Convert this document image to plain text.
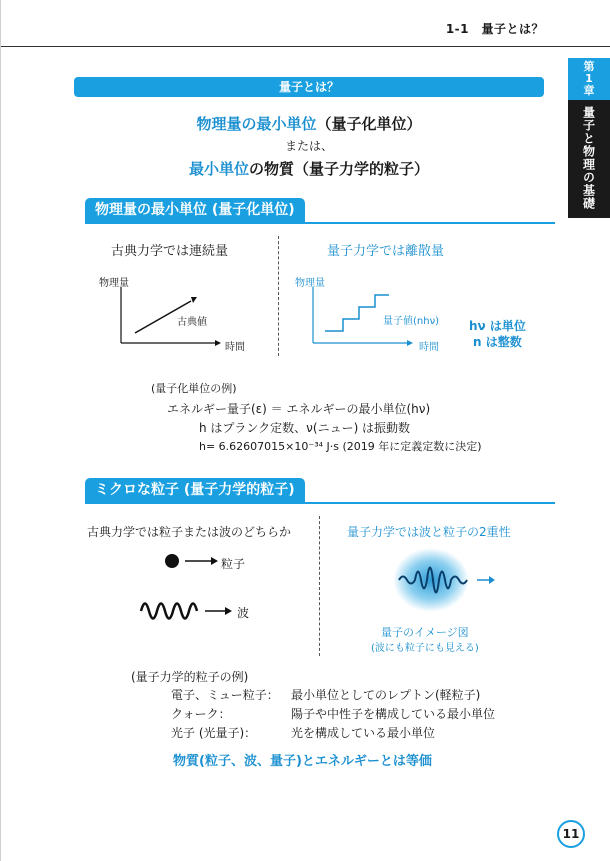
1-1　量子とは？
第
1
章
量子と物理の基礎
量子とは？
物理量の最小単位（量子化単位）
または、
最小単位の物質（量子力学的粒子）
物理量の最小単位 (量子化単位)
古典力学では連続量	量子力学では離散量
物理量
古典値
時間
物理量
量子値(nhν)
時間
hν は単位
n は整数
(量子化単位の例)
エネルギー量子(ε) ＝ エネルギーの最小単位(hν)
h はプランク定数、ν(ニュー) は振動数
h= 6.62607015×10⁻³⁴ J·s (2019 年に定義定数に決定)
ミクロな粒子 (量子力学的粒子)
古典力学では粒子または波のどちらか	量子力学では波と粒子の2重性
粒子
波
量子のイメージ図
(波にも粒子にも見える)
(量子力学的粒子の例)
電子、ミュー粒子： 最小単位としてのレプトン(軽粒子)
クォーク：	陽子や中性子を構成している最小単位
光子 (光量子)：	光を構成している最小単位
物質(粒子、波、量子)とエネルギーとは等価
11
